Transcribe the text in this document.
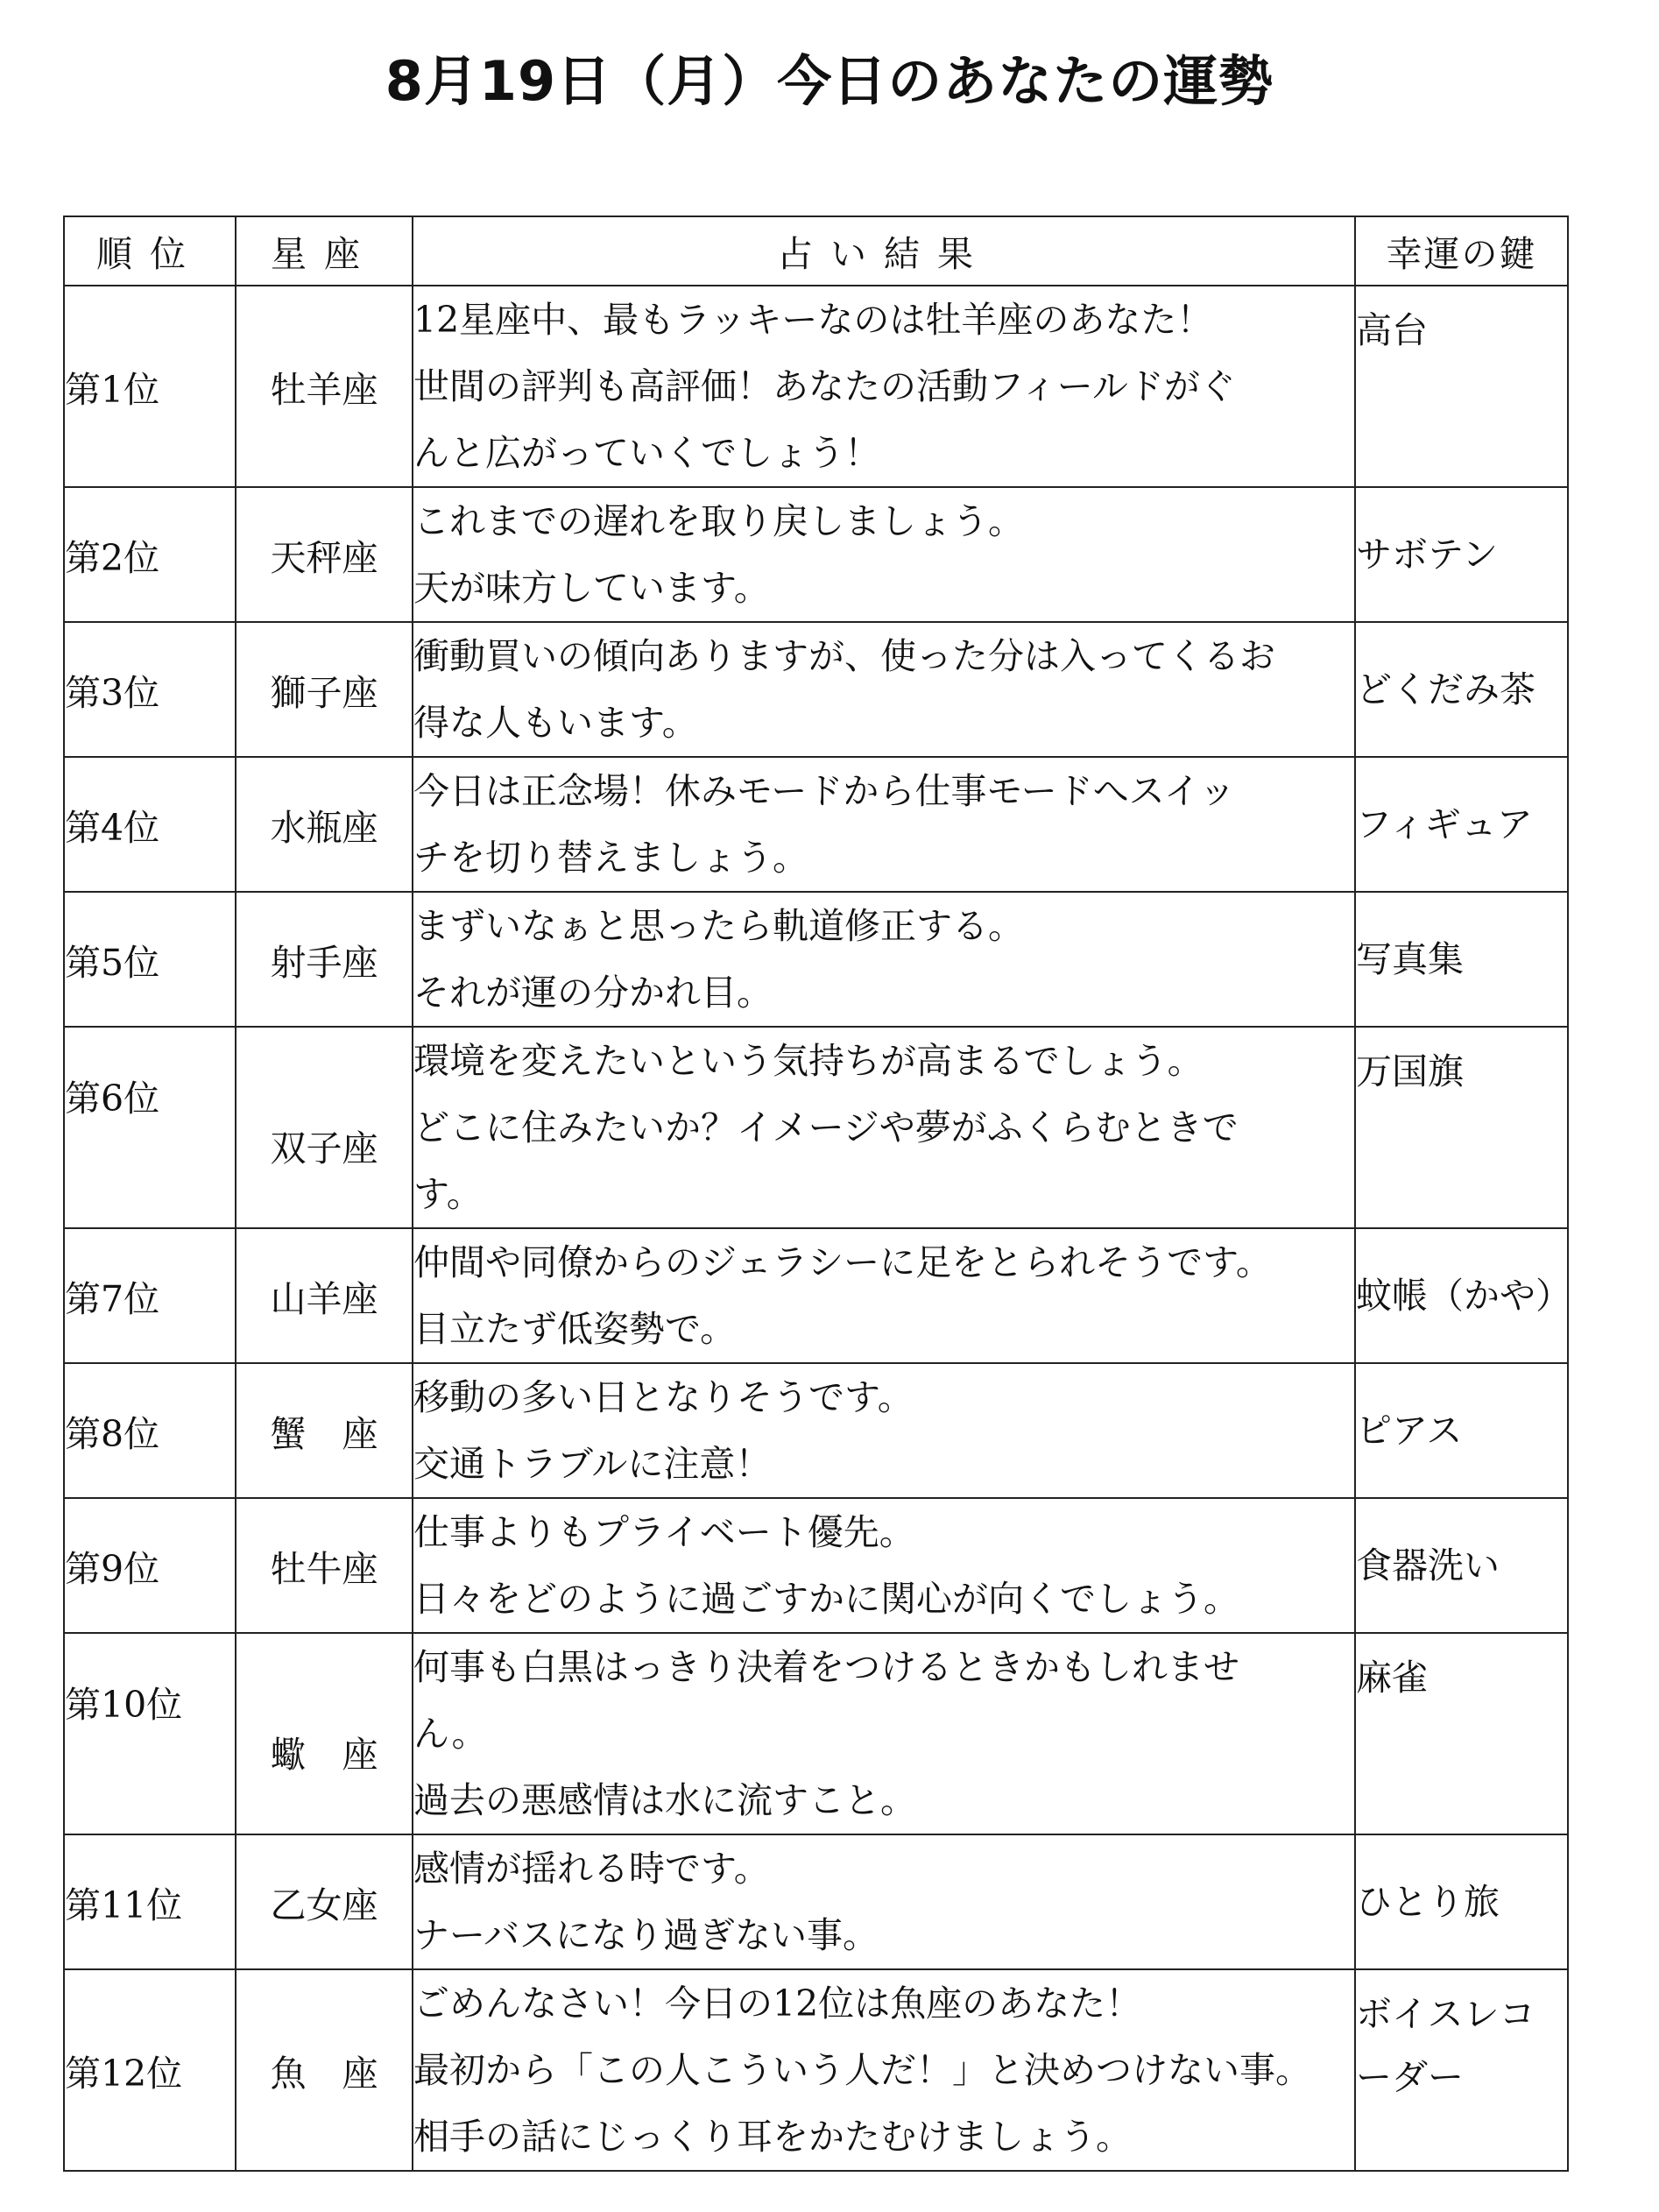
8月19日（月）今日のあなたの運勢
順位	星座	占い結果	幸運の鍵
第1位	牡羊座	12星座中、最もラッキーなのは牡羊座のあなた！
世間の評判も高評価！あなたの活動フィールドがぐ
んと広がっていくでしょう！	高台
第2位	天秤座	これまでの遅れを取り戻しましょう。
天が味方しています。	サボテン
第3位	獅子座	衝動買いの傾向ありますが、使った分は入ってくるお
得な人もいます。	どくだみ茶
第4位	水瓶座	今日は正念場！休みモードから仕事モードへスイッ
チを切り替えましょう。	フィギュア
第5位	射手座	まずいなぁと思ったら軌道修正する。
それが運の分かれ目。	写真集
第6位	双子座	環境を変えたいという気持ちが高まるでしょう。
どこに住みたいか？イメージや夢がふくらむときで
す。	万国旗
第7位	山羊座	仲間や同僚からのジェラシーに足をとられそうです。
目立たず低姿勢で。	蚊帳（かや）
第8位	蟹　座	移動の多い日となりそうです。
交通トラブルに注意！	ピアス
第9位	牡牛座	仕事よりもプライベート優先。
日々をどのように過ごすかに関心が向くでしょう。	食器洗い
第10位	蠍　座	何事も白黒はっきり決着をつけるときかもしれませ
ん。
過去の悪感情は水に流すこと。	麻雀
第11位	乙女座	感情が揺れる時です。
ナーバスになり過ぎない事。	ひとり旅
第12位	魚　座	ごめんなさい！今日の12位は魚座のあなた！
最初から「この人こういう人だ！」と決めつけない事。
相手の話にじっくり耳をかたむけましょう。	ボイスレコーダー
